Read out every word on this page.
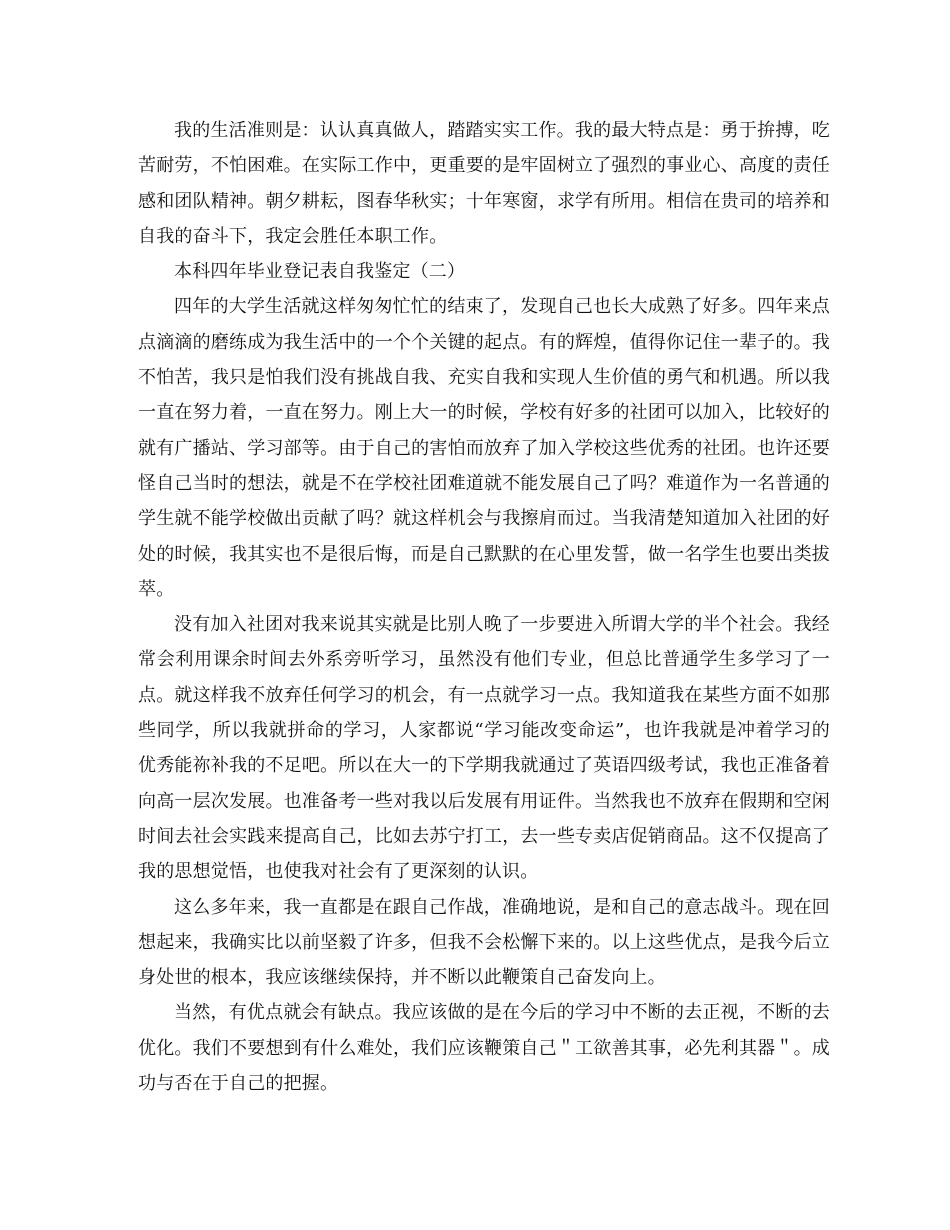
我的生活准则是：认认真真做人，踏踏实实工作。我的最大特点是：勇于拚搏，吃苦耐劳，不怕困难。在实际工作中，更重要的是牢固树立了强烈的事业心、高度的责任感和团队精神。朝夕耕耘，图春华秋实；十年寒窗，求学有所用。相信在贵司的培养和自我的奋斗下，我定会胜任本职工作。

本科四年毕业登记表自我鉴定（二）

四年的大学生活就这样匆匆忙忙的结束了，发现自己也长大成熟了好多。四年来点点滴滴的磨练成为我生活中的一个个关键的起点。有的辉煌，值得你记住一辈子的。我不怕苦，我只是怕我们没有挑战自我、充实自我和实现人生价值的勇气和机遇。所以我一直在努力着，一直在努力。刚上大一的时候，学校有好多的社团可以加入，比较好的就有广播站、学习部等。由于自己的害怕而放弃了加入学校这些优秀的社团。也许还要怪自己当时的想法，就是不在学校社团难道就不能发展自己了吗？难道作为一名普通的学生就不能学校做出贡献了吗？就这样机会与我擦肩而过。当我清楚知道加入社团的好处的时候，我其实也不是很后悔，而是自己默默的在心里发誓，做一名学生也要出类拔萃。

没有加入社团对我来说其实就是比别人晚了一步要进入所谓大学的半个社会。我经常会利用课余时间去外系旁听学习，虽然没有他们专业，但总比普通学生多学习了一点。就这样我不放弃任何学习的机会，有一点就学习一点。我知道我在某些方面不如那些同学，所以我就拼命的学习，人家都说“学习能改变命运”，也许我就是冲着学习的优秀能祢补我的不足吧。所以在大一的下学期我就通过了英语四级考试，我也正准备着向高一层次发展。也准备考一些对我以后发展有用证件。当然我也不放弃在假期和空闲时间去社会实践来提高自己，比如去苏宁打工，去一些专卖店促销商品。这不仅提高了我的思想觉悟，也使我对社会有了更深刻的认识。

这么多年来，我一直都是在跟自己作战，准确地说，是和自己的意志战斗。现在回想起来，我确实比以前坚毅了许多，但我不会松懈下来的。以上这些优点，是我今后立身处世的根本，我应该继续保持，并不断以此鞭策自己奋发向上。

当然，有优点就会有缺点。我应该做的是在今后的学习中不断的去正视，不断的去优化。我们不要想到有什么难处，我们应该鞭策自己＂工欲善其事，必先利其器＂。成功与否在于自己的把握。
